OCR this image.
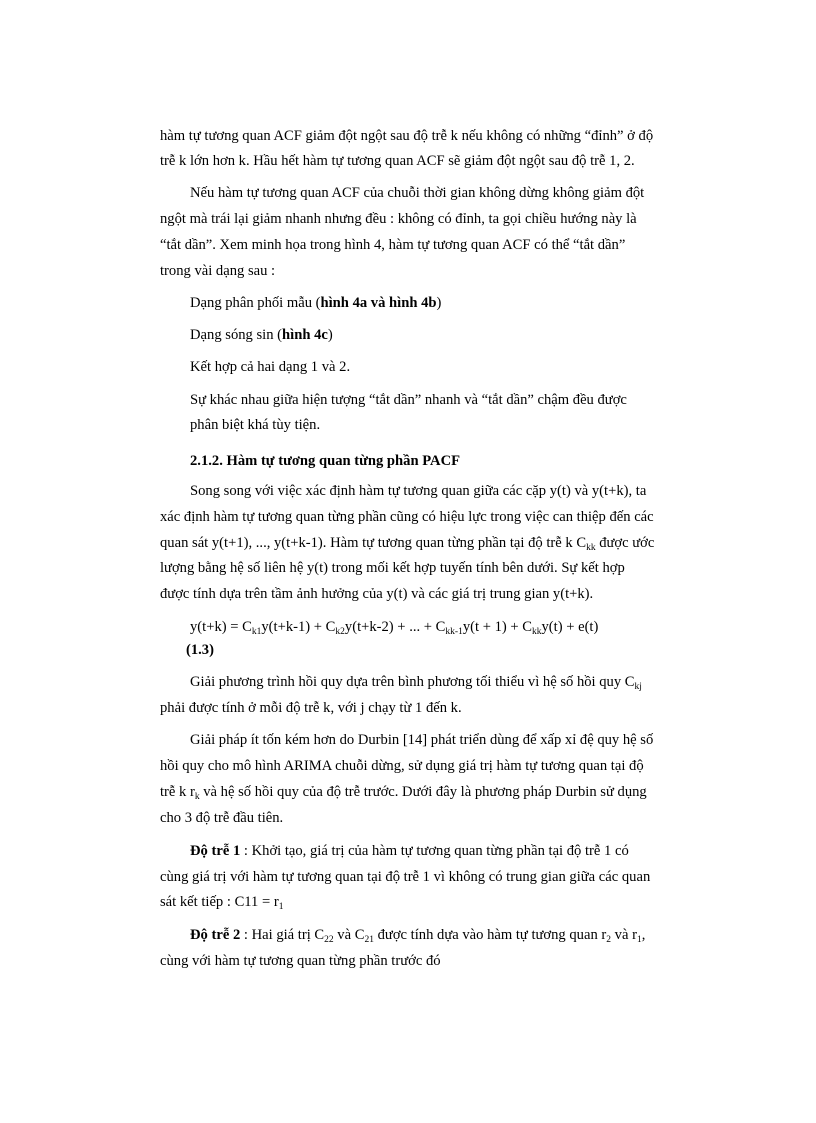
hàm tự tương quan ACF giảm đột ngột sau độ trễ k nếu không có những “đỉnh” ở độ
trễ k lớn hơn k. Hầu hết hàm tự tương quan ACF sẽ giảm đột ngột sau độ trễ 1, 2.
Nếu hàm tự tương quan ACF của chuỗi thời gian không dừng không giảm đột
ngột mà trái lại giảm nhanh nhưng đều : không có đỉnh, ta gọi chiều hướng này là
“tắt dần”. Xem minh họa trong hình 4, hàm tự tương quan ACF có thể “tắt dần”
trong vài dạng sau :
Dạng phân phối mẫu (hình 4a và hình 4b)
Dạng sóng sin (hình 4c)
Kết hợp cả hai dạng 1 và 2.
Sự khác nhau giữa hiện tượng “tắt dần” nhanh và “tắt dần” chậm đều được
phân biệt khá tùy tiện.
2.1.2. Hàm tự tương quan từng phần PACF
Song song với việc xác định hàm tự tương quan giữa các cặp y(t) và y(t+k), ta
xác định hàm tự tương quan từng phần cũng có hiệu lực trong việc can thiệp đến các
quan sát y(t+1), ..., y(t+k-1). Hàm tự tương quan từng phần tại độ trễ k $C_{kk}$ được ước
lượng bằng hệ số liên hệ y(t) trong mối kết hợp tuyến tính bên dưới. Sự kết hợp
được tính dựa trên tầm ảnh hưởng của y(t) và các giá trị trung gian y(t+k).
$y(t+k) = C_{k1}y(t+k-1) + C_{k2}y(t+k-2)$ + ... + $C_{kk-1}y(t + 1) + C_{kk}y(t) + e(t)$
(1.3)
Giải phương trình hồi quy dựa trên bình phương tối thiểu vì hệ số hồi quy $C_{kj}$
phải được tính ở mỗi độ trễ k, với j chạy từ 1 đến k.
Giải pháp ít tốn kém hơn do Durbin [14] phát triển dùng để xấp xỉ đệ quy hệ số
hồi quy cho mô hình ARIMA chuỗi dừng, sử dụng giá trị hàm tự tương quan tại độ
trễ k $r_k$ và hệ số hồi quy của độ trễ trước. Dưới đây là phương pháp Durbin sử dụng
cho 3 độ trễ đầu tiên.
Độ trễ 1 : Khởi tạo, giá trị của hàm tự tương quan từng phần tại độ trễ 1 có
cùng giá trị với hàm tự tương quan tại độ trễ 1 vì không có trung gian giữa các quan
sát kết tiếp : $C11 = r_1$
Độ trễ 2 : Hai giá trị $C_{22}$ và $C_{21}$ được tính dựa vào hàm tự tương quan $r_2$ và $r_1$,
cùng với hàm tự tương quan từng phần trước đó
